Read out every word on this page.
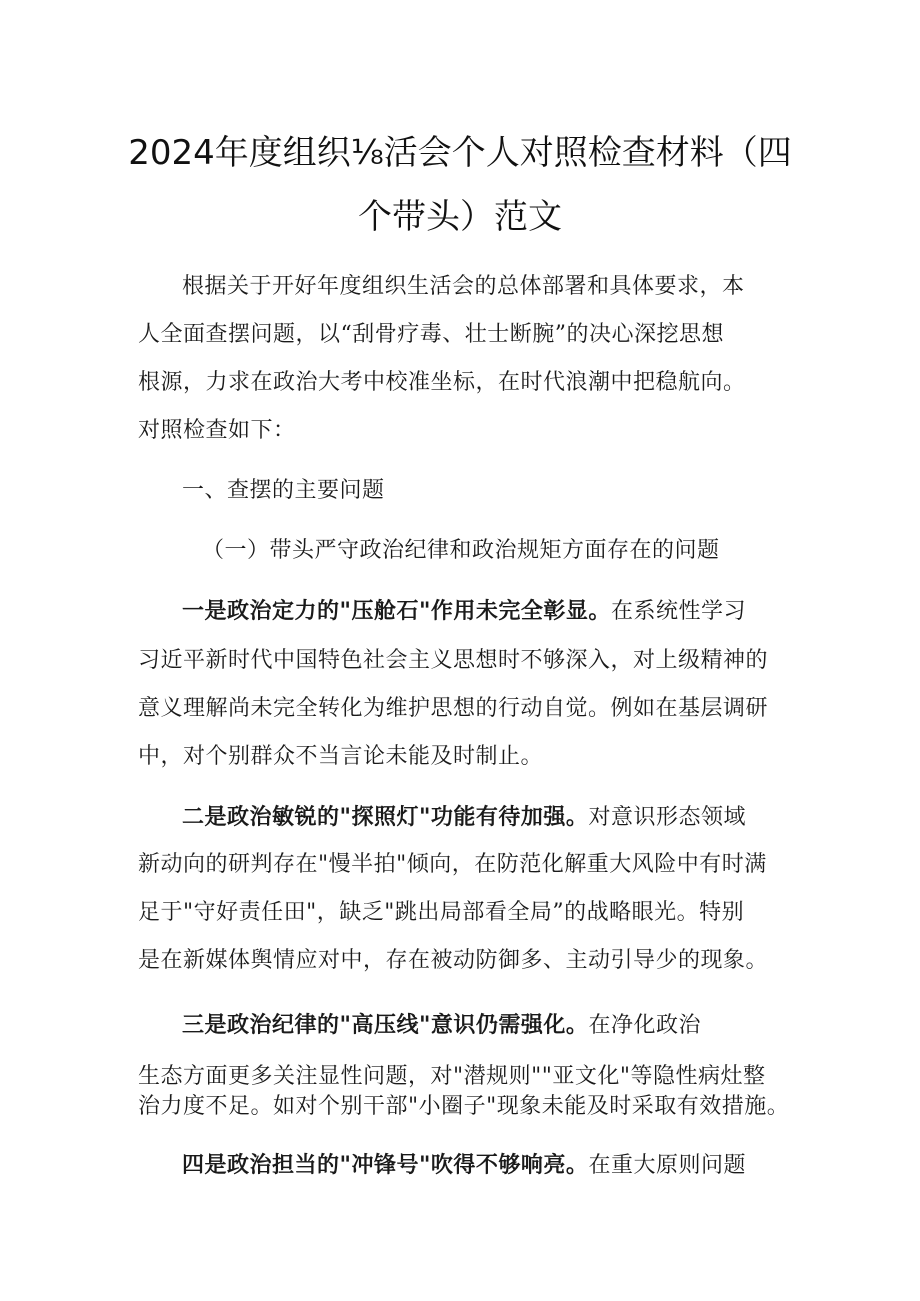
2024年度组织⅛活会个人对照检查材料（四
个带头）范文
根据关于开好年度组织生活会的总体部署和具体要求，本
人全面查摆问题，以“刮骨疗毒、壮士断腕”的决心深挖思想
根源，力求在政治大考中校准坐标，在时代浪潮中把稳航向。
对照检查如下：
一、查摆的主要问题
（一）带头严守政治纪律和政治规矩方面存在的问题
一是政治定力的"压舱石"作用未完全彰显。在系统性学习
习近平新时代中国特色社会主义思想时不够深入，对上级精神的
意义理解尚未完全转化为维护思想的行动自觉。例如在基层调研
中，对个别群众不当言论未能及时制止。
二是政治敏锐的"探照灯"功能有待加强。对意识形态领域
新动向的研判存在"慢半拍"倾向，在防范化解重大风险中有时满
足于"守好责任田"，缺乏"跳出局部看全局”的战略眼光。特别
是在新媒体舆情应对中，存在被动防御多、主动引导少的现象。
三是政治纪律的"高压线"意识仍需强化。在净化政治
生态方面更多关注显性问题，对"潜规则""亚文化"等隐性病灶整
治力度不足。如对个别干部"小圈子"现象未能及时采取有效措施。
四是政治担当的"冲锋号"吹得不够响亮。在重大原则问题
